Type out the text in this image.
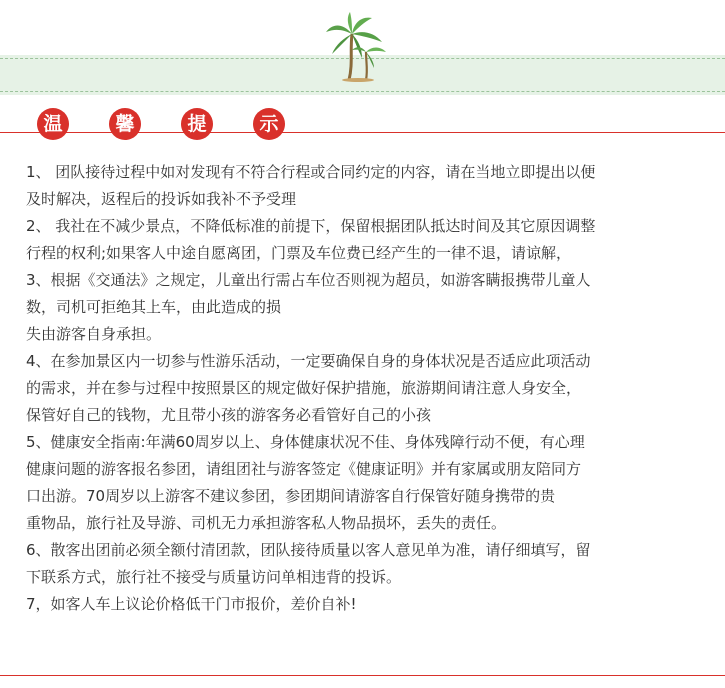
温	馨	提	示
1、 团队接待过程中如对发现有不符合行程或合同约定的内容，请在当地立即提出以便
及时解决，返程后的投诉如我补不予受理
2、 我社在不减少景点，不降低标准的前提下，保留根据团队抵达时间及其它原因调整
行程的权利;如果客人中途自愿离团，门票及车位费已经产生的一律不退，请谅解，
3、根据《交通法》之规定，儿童出行需占车位否则视为超员，如游客瞒报携带儿童人
数，司机可拒绝其上车，由此造成的损
失由游客自身承担。
4、在参加景区内一切参与性游乐活动，一定要确保自身的身体状况是否适应此项活动
的需求，并在参与过程中按照景区的规定做好保护措施，旅游期间请注意人身安全，
保管好自己的钱物，尤且带小孩的游客务必看管好自己的小孩
5、健康安全指南:年满60周岁以上、身体健康状况不佳、身体残障行动不便，有心理
健康问题的游客报名参团，请组团社与游客签定《健康证明》并有家属或朋友陪同方
口出游。70周岁以上游客不建议参团，参团期间请游客自行保管好随身携带的贵
重物品，旅行社及导游、司机无力承担游客私人物品损坏，丢失的责任。
6、散客出团前必须全额付清团款，团队接待质量以客人意见单为准，请仔细填写，留
下联系方式，旅行社不接受与质量访问单相违背的投诉。
7，如客人车上议论价格低干门市报价，差价自补!
